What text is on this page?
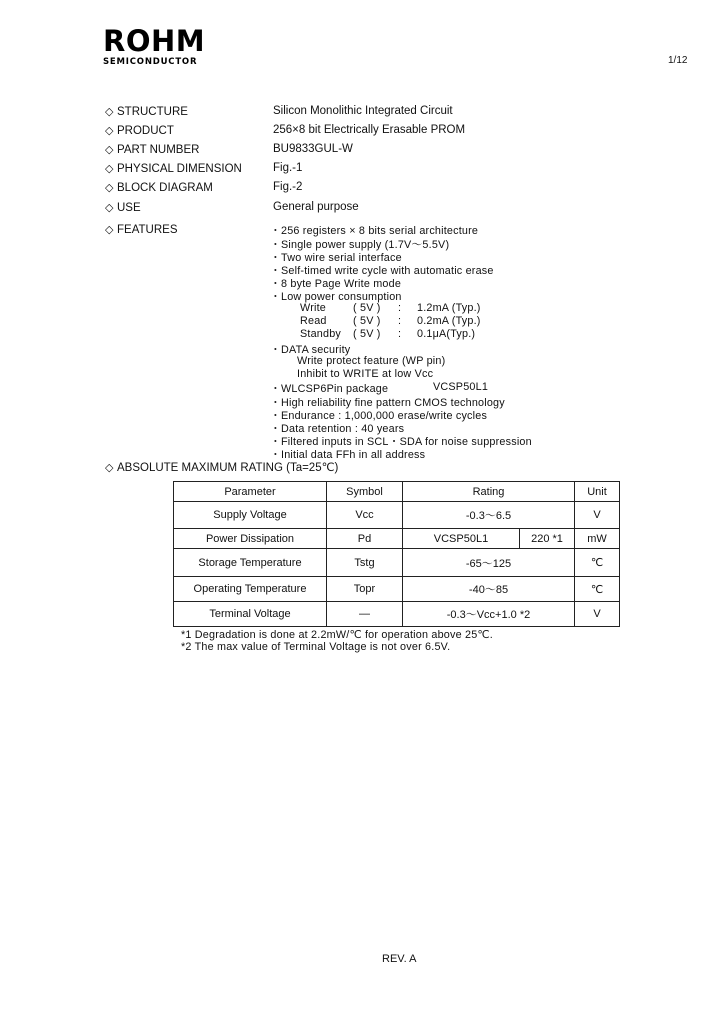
ROHM
SEMICONDUCTOR	1/12
◇ STRUCTURE	Silicon Monolithic Integrated Circuit
◇ PRODUCT	256×8 bit Electrically Erasable PROM
◇ PART NUMBER	BU9833GUL-W
◇ PHYSICAL DIMENSION	Fig.-1
◇ BLOCK DIAGRAM	Fig.-2
◇ USE	General purpose
◇ FEATURES	・256 registers × 8 bits serial architecture
・Single power supply (1.7V～5.5V)
・Two wire serial interface
・Self-timed write cycle with automatic erase
・8 byte Page Write mode
・Low power consumption
Write	( 5V ) : 1.2mA (Typ.)
Read ( 5V ) : 0.2mA (Typ.)
Standby ( 5V ) : 0.1μA(Typ.)
・DATA security
Write protect feature (WP pin)
Inhibit to WRITE at low Vcc
・WLCSP6Pin package	VCSP50L1
・High reliability fine pattern CMOS technology
・Endurance : 1,000,000 erase/write cycles
・Data retention : 40 years
・Filtered inputs in SCL・SDA for noise suppression
・Initial data FFh in all address
◇ ABSOLUTE MAXIMUM RATING (Ta=25℃)
Parameter	Symbol	Rating		Unit
Supply Voltage	Vcc	-0.3～6.5		V
Power Dissipation	Pd	VCSP50L1	220 *1	mW
Storage Temperature	Tstg	-65～125		℃
Operating Temperature	Topr	-40～85		℃
Terminal Voltage	—	-0.3～Vcc+1.0 *2		V
*1 Degradation is done at 2.2mW/℃ for operation above 25℃.
*2 The max value of Terminal Voltage is not over 6.5V.
REV. A
